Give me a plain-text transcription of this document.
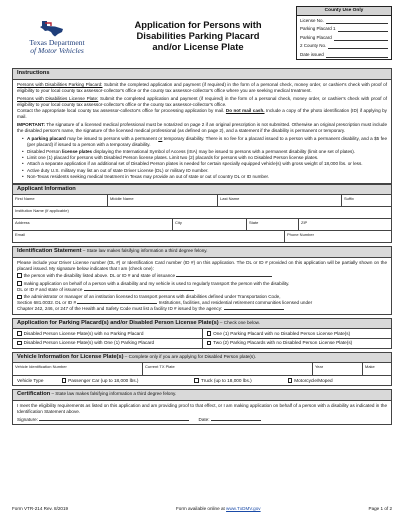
Texas Department
of Motor Vehicles
Application for Persons with
Disabilities Parking Placard
and/or License Plate
County Use Only
License No.
Parking Placard 1
Parking Placard
2 County No.
Date issued
Instructions

Persons with Disabilities Parking Placard: Submit the completed application and payment (if required) in the form of a personal check, money order, or cashier's check with proof of eligibility to your local county tax assessor-collector's office or the county tax assessor-collector's office where you are seeking medical treatment.

Persons with Disabilities License Plate: Submit the completed application and payment (if required) in the form of a personal check, money order, or cashier's check with proof of eligibility to your local county tax assessor-collector's office or the county tax assessor-collector's office.
Contact the appropriate local county tax assessor-collector's office for processing application by mail. Do not mail cash. Include a copy of the photo identification (ID) if applying by mail.

IMPORTANT: The signature of a licensed medical professional must be notarized on page 2 if an original prescription is not submitted. Otherwise an original prescription must include the disabled person's name, the signature of the licensed medical professional (as defined on page 2), and a statement if the disability is permanent or temporary.

• A parking placard may be issued to persons with a permanent or temporary disability. There is no fee for a placard issued to a person with a permanent disability, and a $5 fee (per placard) if issued to a person with a temporary disability.
• Disabled Person license plates displaying the International Symbol of Access (ISA) may be issued to persons with a permanent disability (limit one set of plates).
• Limit one (1) placard for persons with Disabled Person license plates. Limit two (2) placards for persons with no Disabled Person license plates.
• Attach a separate application if an additional set of Disabled Person plates is needed for certain specially equipped vehicle(s) with gross weight of 18,000 lbs. or less.
• Active duty U.S. military may list an out of state Driver License (DL) or military ID number.
• Non-Texas residents seeking medical treatment in Texas may provide an out of state or out of country DL or ID number.
Applicant Information
First Name	Middle Name	Last Name	Suffix
Institution Name (if applicable)
Address	City	State	ZIP
Email	Phone Number
Identification Statement – State law makes falsifying information a third degree felony.

Please include your Driver License number (DL #) or Identification Card number (ID #) on this application. The DL or ID # provided on this application will be partially shown on the placard issued. My signature below indicates that I am (check one):

the person with the disability listed above. DL or ID # and state of issuance
making application on behalf of a person with a disability and my vehicle is used to regularly transport the person with the disability.
DL or ID # and state of issuance
the administrator or manager of an institution licensed to transport persons with disabilities defined under Transportation Code,
Section 681.0032. DL or ID #	Institutions, facilities, and residential retirement communities licensed under
Chapter 242, 246, or 247 of the Health and Safety Code must list a facility ID # issued by the agency:
Application for Parking Placard(s) and/or Disabled Person License Plate(s) – Check one below.
Disabled Person License Plate(s) with no Parking Placard	One (1) Parking Placard with no Disabled Person License Plate(s)
Disabled Person License Plate(s) with One (1) Parking Placard	Two (2) Parking Placards with no Disabled Person License Plate(s)
Vehicle Information for License Plate(s) – Complete only if you are applying for Disabled Person plate(s).
Vehicle Identification Number	Current TX Plate	Year	Make
Vehicle Type	Passenger Car (up to 18,000 lbs.)	Truck (up to 18,000 lbs.)	Motorcycle/Moped
Certification – State law makes falsifying information a third degree felony.

I meet the eligibility requirements as listed on this application and am providing proof to that effect, or I am making application on behalf of a person with a disability as indicated in the Identification Statement above.

Signature:	Date:
Form VTR-214 Rev. 8/2019	Form available online at www.TxDMV.gov	Page 1 of 2
